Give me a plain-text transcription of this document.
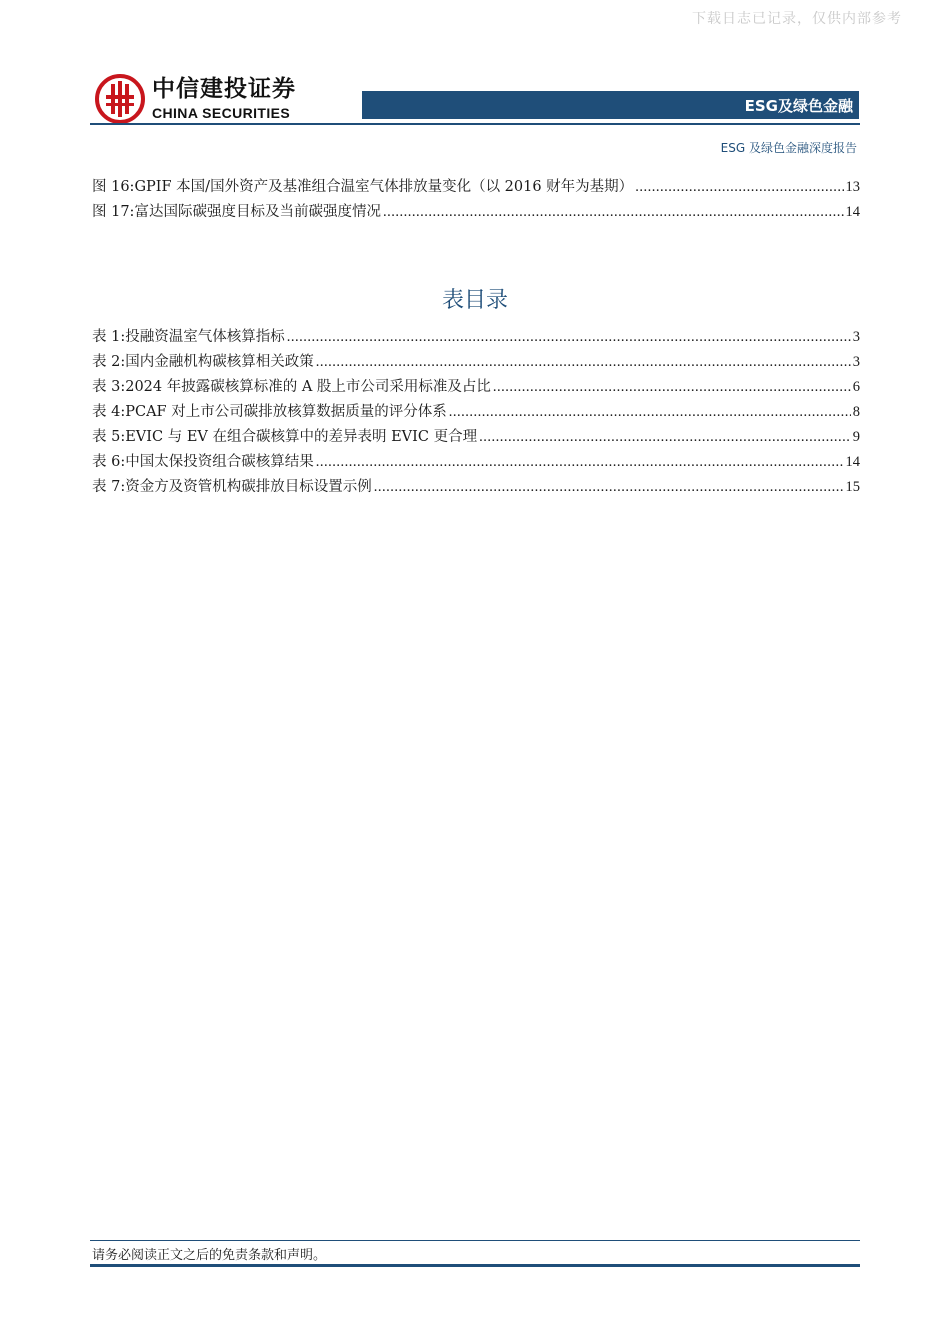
下载日志已记录，仅供内部参考
中信建投证券
CHINA SECURITIES	ESG及绿色金融
ESG 及绿色金融深度报告
图 16:GPIF 本国/国外资产及基准组合温室气体排放量变化（以 2016 财年为基期） .....	13
图 17:富达国际碳强度目标及当前碳强度情况 .....	14
表目录
表 1:投融资温室气体核算指标 .....	3
表 2:国内金融机构碳核算相关政策 .....	3
表 3:2024 年披露碳核算标准的 A 股上市公司采用标准及占比 .....	6
表 4:PCAF 对上市公司碳排放核算数据质量的评分体系 .....	8
表 5:EVIC 与 EV 在组合碳核算中的差异表明 EVIC 更合理 .....	9
表 6:中国太保投资组合碳核算结果 .....	14
表 7:资金方及资管机构碳排放目标设置示例 .....	15
请务必阅读正文之后的免责条款和声明。
